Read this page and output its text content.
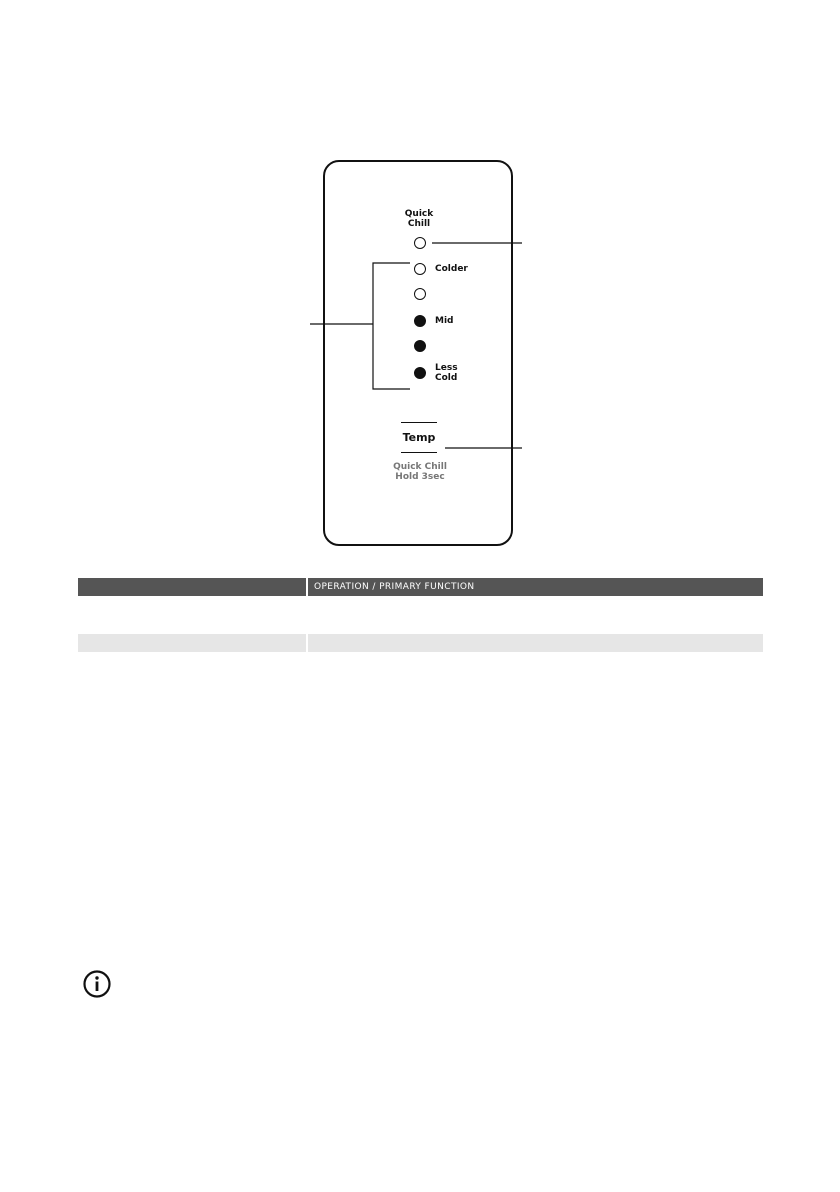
Quick
Chill
Colder
Mid
Less
Cold
Temp
Quick Chill
Hold 3sec
OPERATION / PRIMARY FUNCTION
